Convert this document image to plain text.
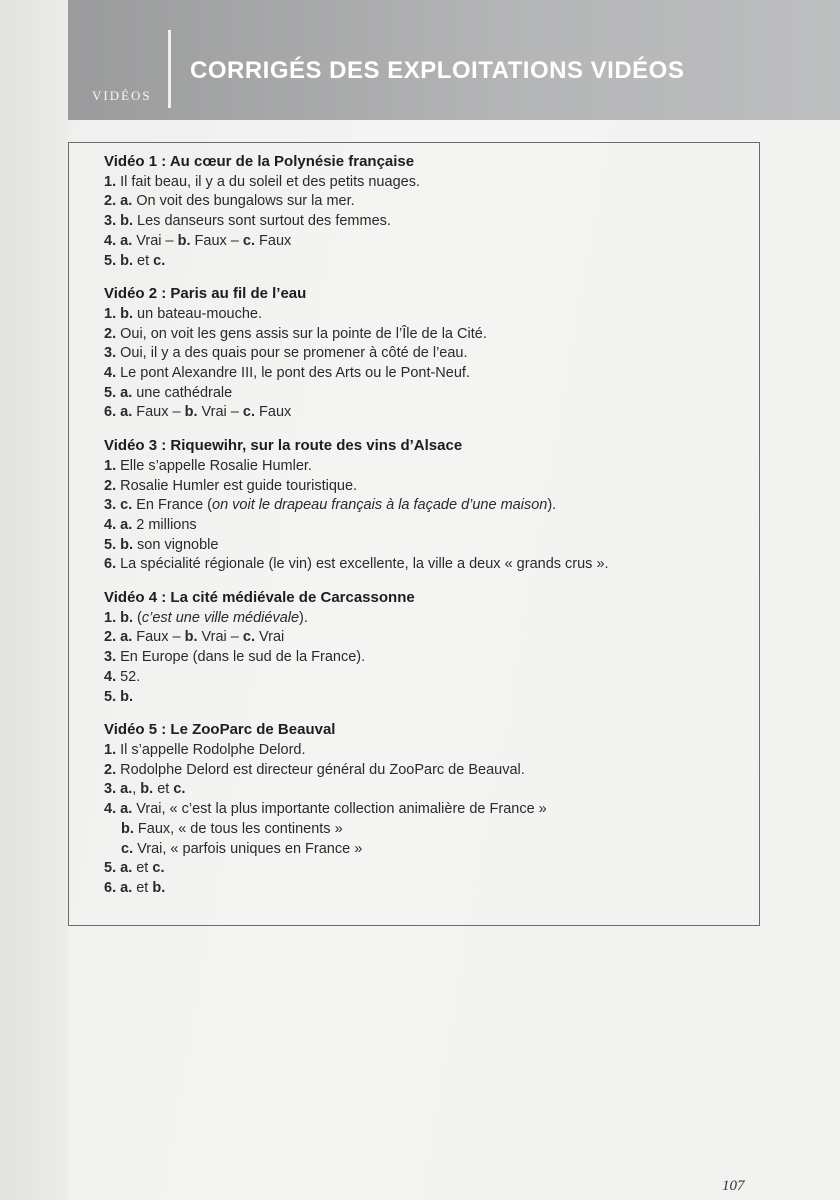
VIDÉOS
CORRIGÉS DES EXPLOITATIONS VIDÉOS
Vidéo 1 : Au cœur de la Polynésie française
1. Il fait beau, il y a du soleil et des petits nuages.
2. a. On voit des bungalows sur la mer.
3. b. Les danseurs sont surtout des femmes.
4. a. Vrai – b. Faux – c. Faux
5. b. et c.
Vidéo 2 : Paris au fil de l’eau
1. b. un bateau-mouche.
2. Oui, on voit les gens assis sur la pointe de l’Île de la Cité.
3. Oui, il y a des quais pour se promener à côté de l’eau.
4. Le pont Alexandre III, le pont des Arts ou le Pont-Neuf.
5. a. une cathédrale
6. a. Faux – b. Vrai – c. Faux
Vidéo 3 : Riquewihr, sur la route des vins d’Alsace
1. Elle s’appelle Rosalie Humler.
2. Rosalie Humler est guide touristique.
3. c. En France (on voit le drapeau français à la façade d’une maison).
4. a. 2 millions
5. b. son vignoble
6. La spécialité régionale (le vin) est excellente, la ville a deux « grands crus ».
Vidéo 4 : La cité médiévale de Carcassonne
1. b. (c’est une ville médiévale).
2. a. Faux – b. Vrai – c. Vrai
3. En Europe (dans le sud de la France).
4. 52.
5. b.
Vidéo 5 : Le ZooParc de Beauval
1. Il s’appelle Rodolphe Delord.
2. Rodolphe Delord est directeur général du ZooParc de Beauval.
3. a., b. et c.
4. a. Vrai, « c’est la plus importante collection animalière de France »
b. Faux, « de tous les continents »
c. Vrai, « parfois uniques en France »
5. a. et c.
6. a. et b.
107
